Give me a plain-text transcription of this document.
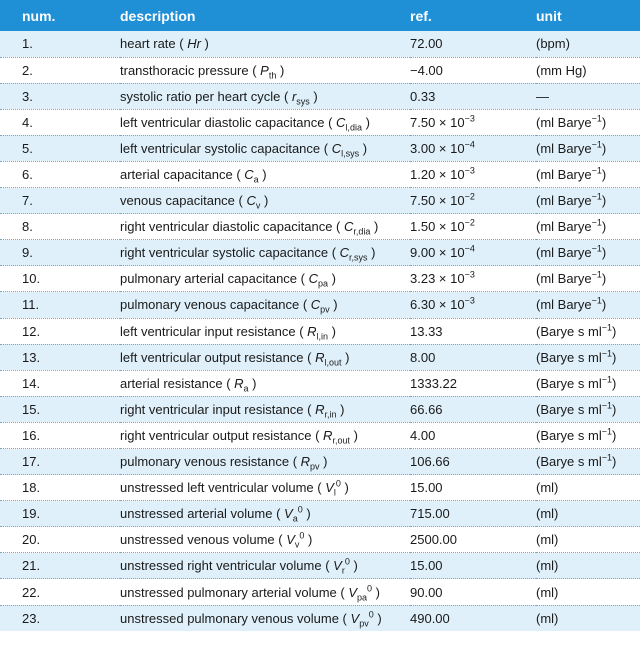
num.	description	ref.	unit
1.	heart rate ( Hr )	72.00	(bpm)
2.	transthoracic pressure ( $P_{th}$ )	−4.00	(mm Hg)
3.	systolic ratio per heart cycle ( $r_{sys}$ )	0.33	—
4.	left ventricular diastolic capacitance ( $C_{l,dia}$ )	$7.50 \times 10^{-3}$	(ml Barye$^{-1}$)
5.	left ventricular systolic capacitance ( $C_{l,sys}$ )	$3.00 \times 10^{-4}$	(ml Barye$^{-1}$)
6.	arterial capacitance ( $C_a$ )	$1.20 \times 10^{-3}$	(ml Barye$^{-1}$)
7.	venous capacitance ( $C_v$ )	$7.50 \times 10^{-2}$	(ml Barye$^{-1}$)
8.	right ventricular diastolic capacitance ( $C_{r,dia}$ )	$1.50 \times 10^{-2}$	(ml Barye$^{-1}$)
9.	right ventricular systolic capacitance ( $C_{r,sys}$ )	$9.00 \times 10^{-4}$	(ml Barye$^{-1}$)
10.	pulmonary arterial capacitance ( $C_{pa}$ )	$3.23 \times 10^{-3}$	(ml Barye$^{-1}$)
11.	pulmonary venous capacitance ( $C_{pv}$ )	$6.30 \times 10^{-3}$	(ml Barye$^{-1}$)
12.	left ventricular input resistance ( $R_{l,in}$ )	13.33	(Barye s $ml^{-1}$)
13.	left ventricular output resistance ( $R_{l,out}$ )	8.00	(Barye s $ml^{-1}$)
14.	arterial resistance ( $R_a$ )	1333.22	(Barye s $ml^{-1}$)
15.	right ventricular input resistance ( $R_{r,in}$ )	66.66	(Barye s $ml^{-1}$)
16.	right ventricular output resistance ( $R_{r,out}$ )	4.00	(Barye s $ml^{-1}$)
17.	pulmonary venous resistance ( $R_{pv}$ )	106.66	(Barye s $ml^{-1}$)
18.	unstressed left ventricular volume ( $V_l^0$ )	15.00	(ml)
19.	unstressed arterial volume ( $V_a^0$ )	715.00	(ml)
20.	unstressed venous volume ( $V_v^0$ )	2500.00	(ml)
21.	unstressed right ventricular volume ( $V_r^0$ )	15.00	(ml)
22.	unstressed pulmonary arterial volume ( $V_{pa}^0$ )	90.00	(ml)
23.	unstressed pulmonary venous volume ( $V_{pv}^0$ )	490.00	(ml)
